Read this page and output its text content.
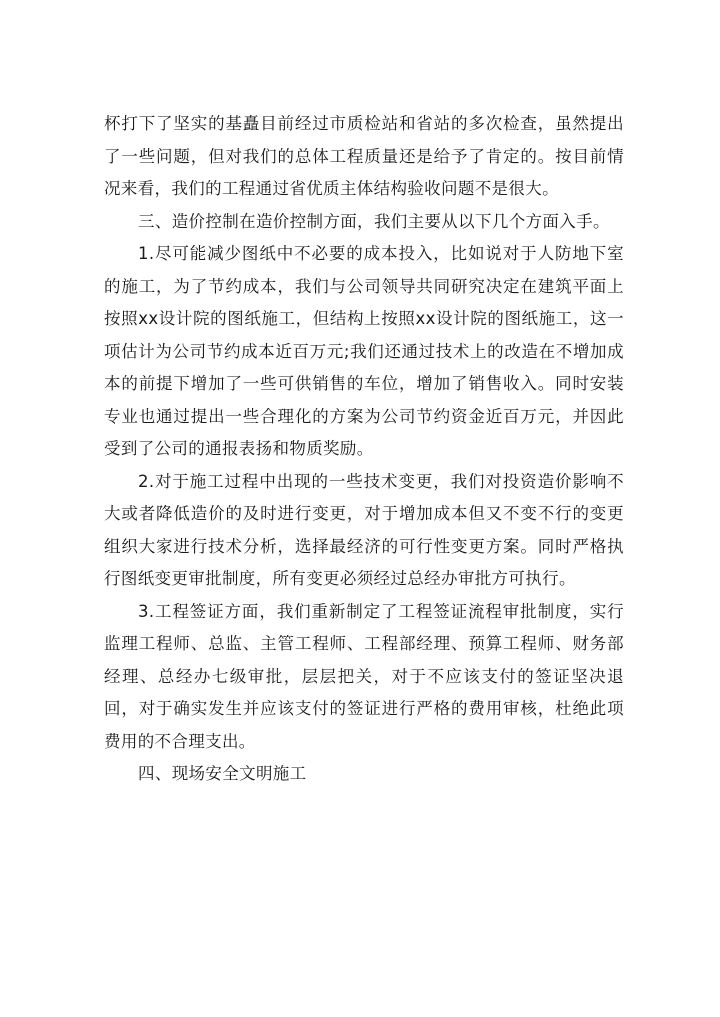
杯打下了坚实的基矗目前经过市质检站和省站的多次检查，虽然提出了一些问题，但对我们的总体工程质量还是给予了肯定的。按目前情况来看，我们的工程通过省优质主体结构验收问题不是很大。

三、造价控制在造价控制方面，我们主要从以下几个方面入手。

1.尽可能减少图纸中不必要的成本投入，比如说对于人防地下室的施工，为了节约成本，我们与公司领导共同研究决定在建筑平面上按照xx设计院的图纸施工，但结构上按照xx设计院的图纸施工，这一项估计为公司节约成本近百万元;我们还通过技术上的改造在不增加成本的前提下增加了一些可供销售的车位，增加了销售收入。同时安装专业也通过提出一些合理化的方案为公司节约资金近百万元，并因此受到了公司的通报表扬和物质奖励。

2.对于施工过程中出现的一些技术变更，我们对投资造价影响不大或者降低造价的及时进行变更，对于增加成本但又不变不行的变更组织大家进行技术分析，选择最经济的可行性变更方案。同时严格执行图纸变更审批制度，所有变更必须经过总经办审批方可执行。

3.工程签证方面，我们重新制定了工程签证流程审批制度，实行监理工程师、总监、主管工程师、工程部经理、预算工程师、财务部经理、总经办七级审批，层层把关，对于不应该支付的签证坚决退回，对于确实发生并应该支付的签证进行严格的费用审核，杜绝此项费用的不合理支出。

四、现场安全文明施工
